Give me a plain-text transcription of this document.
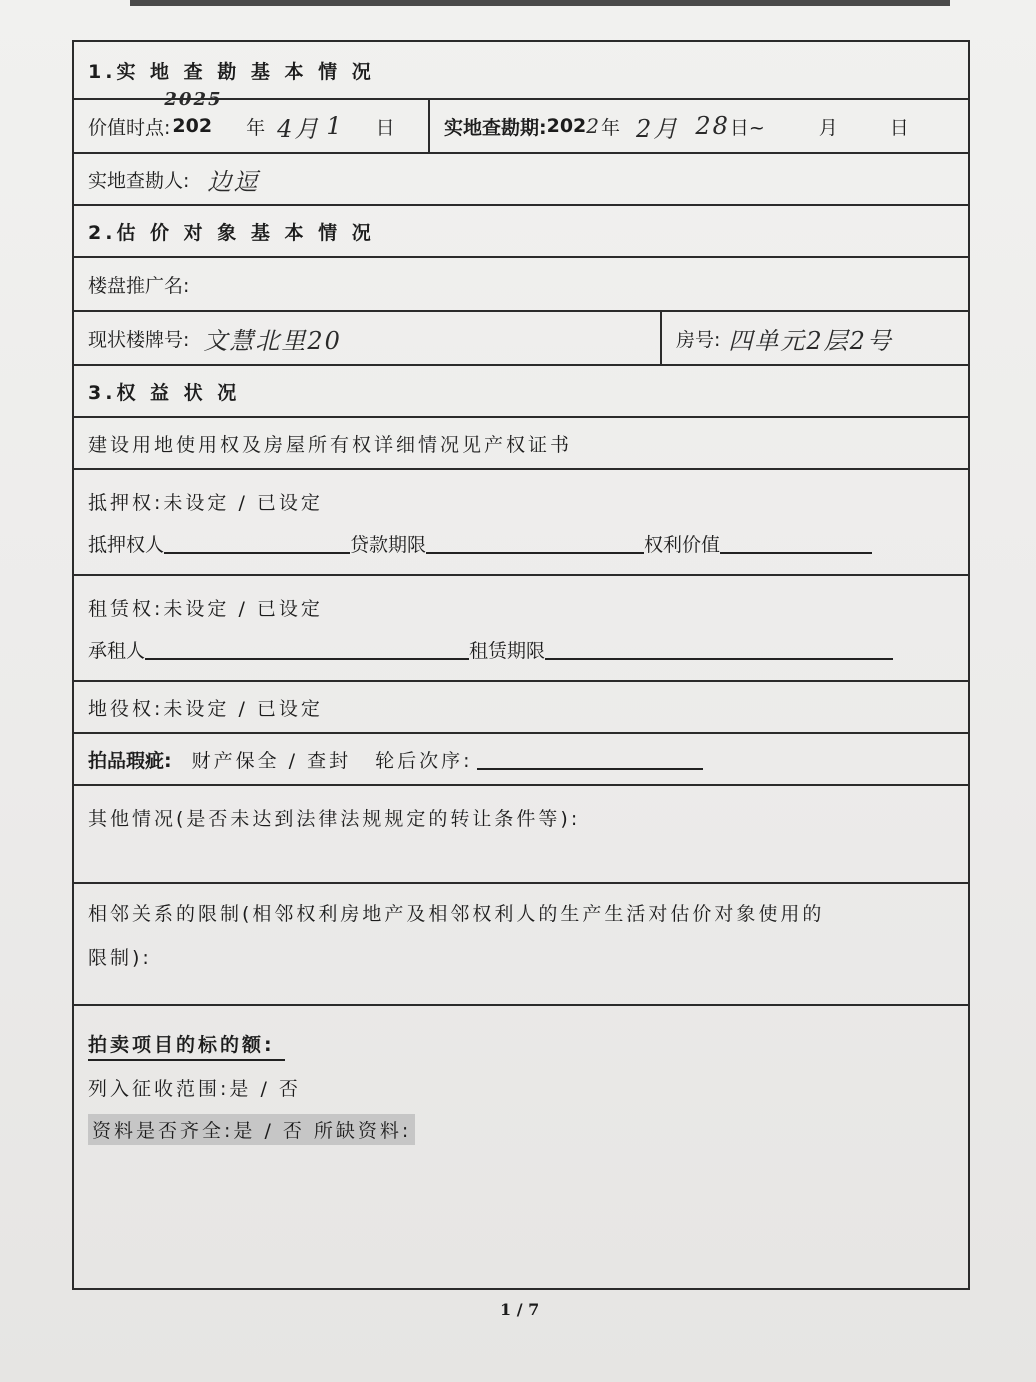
1.实 地 查 勘 基 本 情 况
价值时点: 202
2025
年 4月 1 日	实地查勘期: 202 2 年 2月 28 日~	月	日
实地查勘人: 边逗
2.估 价 对 象 基 本 情 况
楼盘推广名:
现状楼牌号: 文慧北里20	房号: 四单元2层2号
3.权 益 状 况
建设用地使用权及房屋所有权详细情况见产权证书
抵押权:未设定 / 已设定
抵押权人	贷款期限	权利价值
租赁权:未设定 / 已设定
承租人	租赁期限
地役权:未设定 / 已设定
拍品瑕疵: 财产保全 / 查封 轮后次序:
其他情况(是否未达到法律法规规定的转让条件等):
相邻关系的限制(相邻权利房地产及相邻权利人的生产生活对估价对象使用的
限制):
拍卖项目的标的额:
列入征收范围:是 / 否
资料是否齐全:是 / 否 所缺资料:
1 / 7
